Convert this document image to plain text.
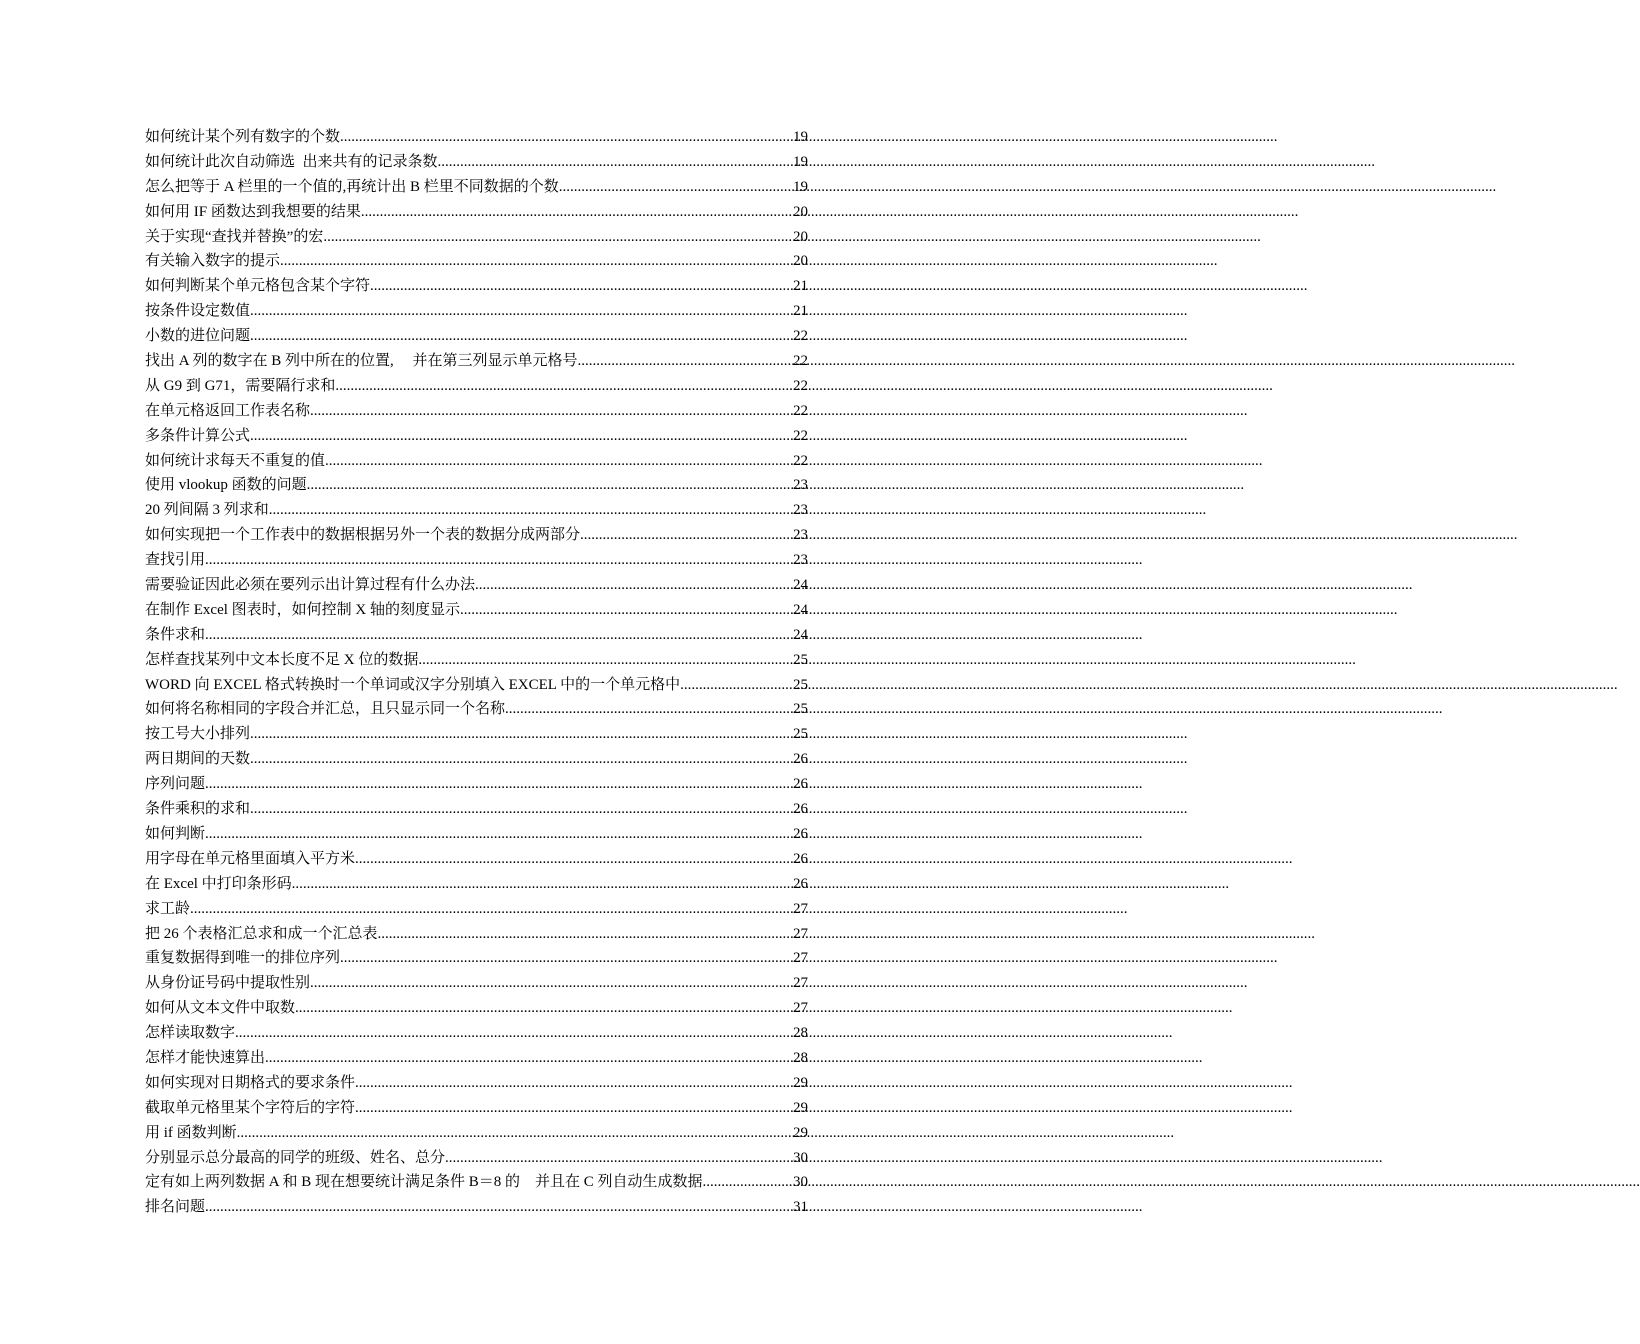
如何统计某个列有数字的个数 .....	19
如何统计此次自动筛选  出来共有的记录条数 .....	19
怎么把等于 A 栏里的一个值的,再统计出 B 栏里不同数据的个数 .....	19
如何用 IF 函数达到我想要的结果 .....	20
关于实现“查找并替换”的宏 .....	20
有关输入数字的提示 .....	20
如何判断某个单元格包含某个字符 .....	21
按条件设定数值 .....	21
小数的进位问题 .....	22
找出 A 列的数字在 B 列中所在的位置,     并在第三列显示单元格号 .....	22
从 G9 到 G71，需要隔行求和 .....	22
在单元格返回工作表名称 .....	22
多条件计算公式 .....	22
如何统计求每天不重复的值 .....	22
使用 vlookup 函数的问题 .....	23
20 列间隔 3 列求和 .....	23
如何实现把一个工作表中的数据根据另外一个表的数据分成两部分 .....	23
查找引用 .....	23
需要验证因此必须在要列示出计算过程有什么办法 .....	24
在制作 Excel 图表时，如何控制 X 轴的刻度显示 .....	24
条件求和 .....	24
怎样查找某列中文本长度不足 X 位的数据 .....	25
WORD 向 EXCEL 格式转换时一个单词或汉字分别填入 EXCEL 中的一个单元格中 .....	25
如何将名称相同的字段合并汇总，且只显示同一个名称 .....	25
按工号大小排列 .....	25
两日期间的天数 .....	26
序列问题 .....	26
条件乘积的求和 .....	26
如何判断 .....	26
用字母在单元格里面填入平方米 .....	26
在 Excel 中打印条形码 .....	26
求工龄 .....	27
把 26 个表格汇总求和成一个汇总表 .....	27
重复数据得到唯一的排位序列 .....	27
从身份证号码中提取性别 .....	27
如何从文本文件中取数 .....	27
怎样读取数字 .....	28
怎样才能快速算出 .....	28
如何实现对日期格式的要求条件 .....	29
截取单元格里某个字符后的字符 .....	29
用 if 函数判断 .....	29
分别显示总分最高的同学的班级、姓名、总分 .....	30
定有如上两列数据 A 和 B 现在想要统计满足条件 B＝8 的    并且在 C 列自动生成数据 .....	30
排名问题 .....	31
